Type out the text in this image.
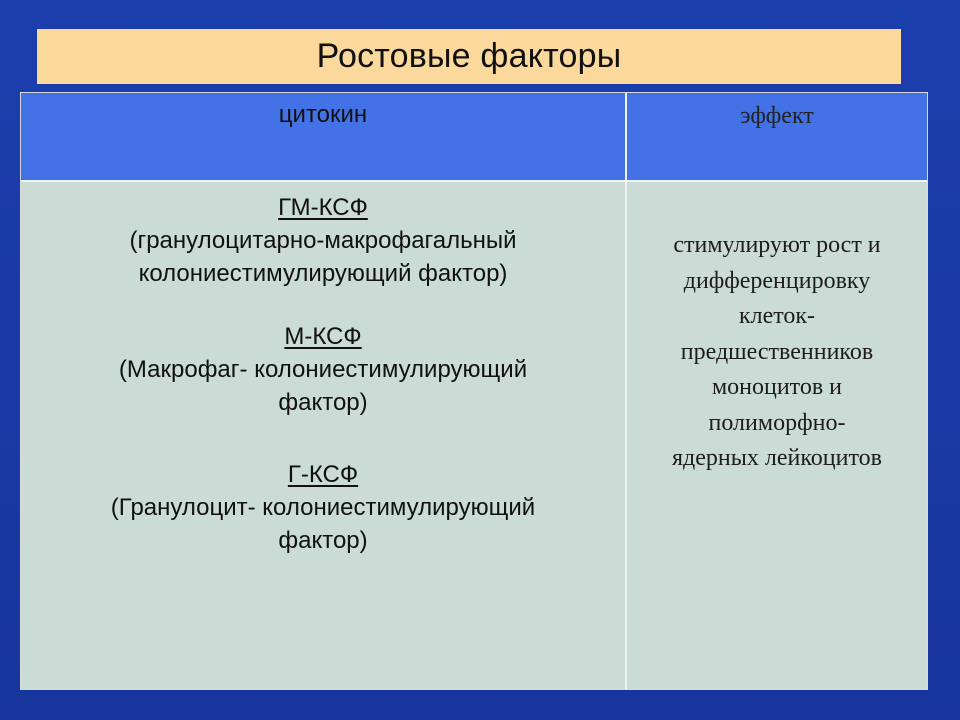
Ростовые факторы
цитокин	эффект
ГМ-КСФ
(гранулоцитарно-макрофагальный
колониестимулирующий фактор)
М-КСФ
(Макрофаг- колониестимулирующий
фактор)
Г-КСФ
(Гранулоцит- колониестимулирующий
фактор)
стимулируют рост и
дифференцировку
клеток-
предшественников
моноцитов и
полиморфно-
ядерных лейкоцитов
